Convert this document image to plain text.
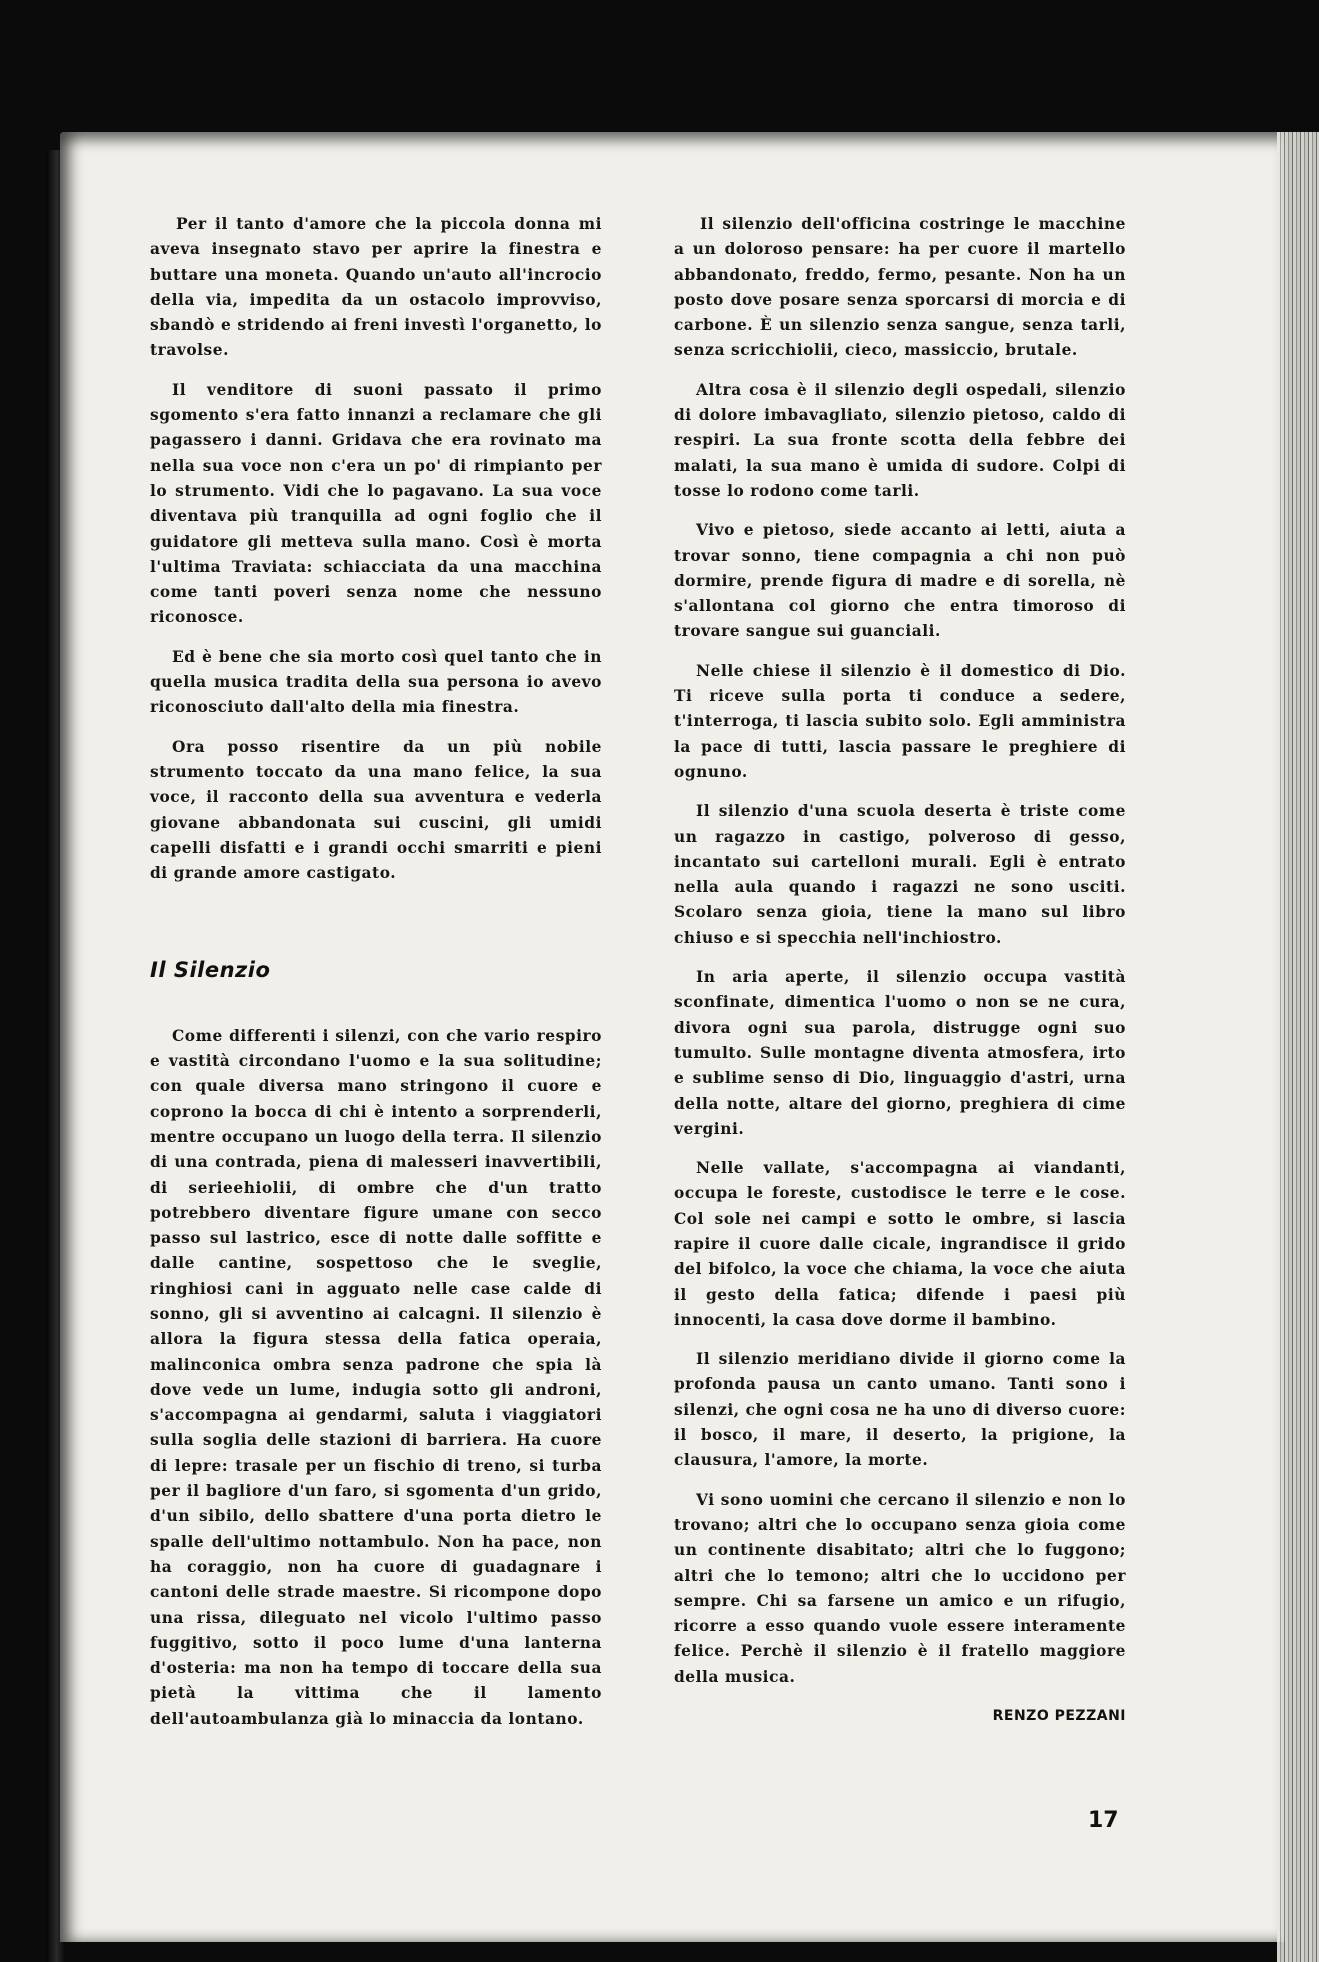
Per il tanto d'amore che la piccola donna mi aveva insegnato stavo per aprire la finestra e buttare una moneta. Quando un'auto all'incrocio della via, impedita da un ostacolo improvviso, sbandò e stridendo ai freni investì l'organetto, lo travolse.

Il venditore di suoni passato il primo sgomento s'era fatto innanzi a reclamare che gli pagassero i danni. Gridava che era rovinato ma nella sua voce non c'era un po' di rimpianto per lo strumento. Vidi che lo pagavano. La sua voce diventava più tranquilla ad ogni foglio che il guidatore gli metteva sulla mano. Così è morta l'ultima Traviata: schiacciata da una macchina come tanti poveri senza nome che nessuno riconosce.

Ed è bene che sia morto così quel tanto che in quella musica tradita della sua persona io avevo riconosciuto dall'alto della mia finestra.

Ora posso risentire da un più nobile strumento toccato da una mano felice, la sua voce, il racconto della sua avventura e vederla giovane abbandonata sui cuscini, gli umidi capelli disfatti e i grandi occhi smarriti e pieni di grande amore castigato.

Il Silenzio

Come differenti i silenzi, con che vario respiro e vastità circondano l'uomo e la sua solitudine; con quale diversa mano stringono il cuore e coprono la bocca di chi è intento a sorprenderli, mentre occupano un luogo della terra. Il silenzio di una contrada, piena di malesseri inavvertibili, di serieehiolii, di ombre che d'un tratto potrebbero diventare figure umane con secco passo sul lastrico, esce di notte dalle soffitte e dalle cantine, sospettoso che le sveglie, ringhiosi cani in agguato nelle case calde di sonno, gli si avventino ai calcagni. Il silenzio è allora la figura stessa della fatica operaia, malinconica ombra senza padrone che spia là dove vede un lume, indugia sotto gli androni, s'accompagna ai gendarmi, saluta i viaggiatori sulla soglia delle stazioni di barriera. Ha cuore di lepre: trasale per un fischio di treno, si turba per il bagliore d'un faro, si sgomenta d'un grido, d'un sibilo, dello sbattere d'una porta dietro le spalle dell'ultimo nottambulo. Non ha pace, non ha coraggio, non ha cuore di guadagnare i cantoni delle strade maestre. Si ricompone dopo una rissa, dileguato nel vicolo l'ultimo passo fuggitivo, sotto il poco lume d'una lanterna d'osteria: ma non ha tempo di toccare della sua pietà la vittima che il lamento dell'autoambulanza già lo minaccia da lontano.

Il silenzio dell'officina costringe le macchine a un doloroso pensare: ha per cuore il martello abbandonato, freddo, fermo, pesante. Non ha un posto dove posare senza sporcarsi di morcia e di carbone. È un silenzio senza sangue, senza tarli, senza scricchiolii, cieco, massiccio, brutale.

Altra cosa è il silenzio degli ospedali, silenzio di dolore imbavagliato, silenzio pietoso, caldo di respiri. La sua fronte scotta della febbre dei malati, la sua mano è umida di sudore. Colpi di tosse lo rodono come tarli.

Vivo e pietoso, siede accanto ai letti, aiuta a trovar sonno, tiene compagnia a chi non può dormire, prende figura di madre e di sorella, nè s'allontana col giorno che entra timoroso di trovare sangue sui guanciali.

Nelle chiese il silenzio è il domestico di Dio. Ti riceve sulla porta ti conduce a sedere, t'interroga, ti lascia subito solo. Egli amministra la pace di tutti, lascia passare le preghiere di ognuno.

Il silenzio d'una scuola deserta è triste come un ragazzo in castigo, polveroso di gesso, incantato sui cartelloni murali. Egli è entrato nella aula quando i ragazzi ne sono usciti. Scolaro senza gioia, tiene la mano sul libro chiuso e si specchia nell'inchiostro.

In aria aperte, il silenzio occupa vastità sconfinate, dimentica l'uomo o non se ne cura, divora ogni sua parola, distrugge ogni suo tumulto. Sulle montagne diventa atmosfera, irto e sublime senso di Dio, linguaggio d'astri, urna della notte, altare del giorno, preghiera di cime vergini.

Nelle vallate, s'accompagna ai viandanti, occupa le foreste, custodisce le terre e le cose. Col sole nei campi e sotto le ombre, si lascia rapire il cuore dalle cicale, ingrandisce il grido del bifolco, la voce che chiama, la voce che aiuta il gesto della fatica; difende i paesi più innocenti, la casa dove dorme il bambino.

Il silenzio meridiano divide il giorno come la profonda pausa un canto umano. Tanti sono i silenzi, che ogni cosa ne ha uno di diverso cuore: il bosco, il mare, il deserto, la prigione, la clausura, l'amore, la morte.

Vi sono uomini che cercano il silenzio e non lo trovano; altri che lo occupano senza gioia come un continente disabitato; altri che lo fuggono; altri che lo temono; altri che lo uccidono per sempre. Chi sa farsene un amico e un rifugio, ricorre a esso quando vuole essere interamente felice. Perchè il silenzio è il fratello maggiore della musica.

RENZO PEZZANI
17
